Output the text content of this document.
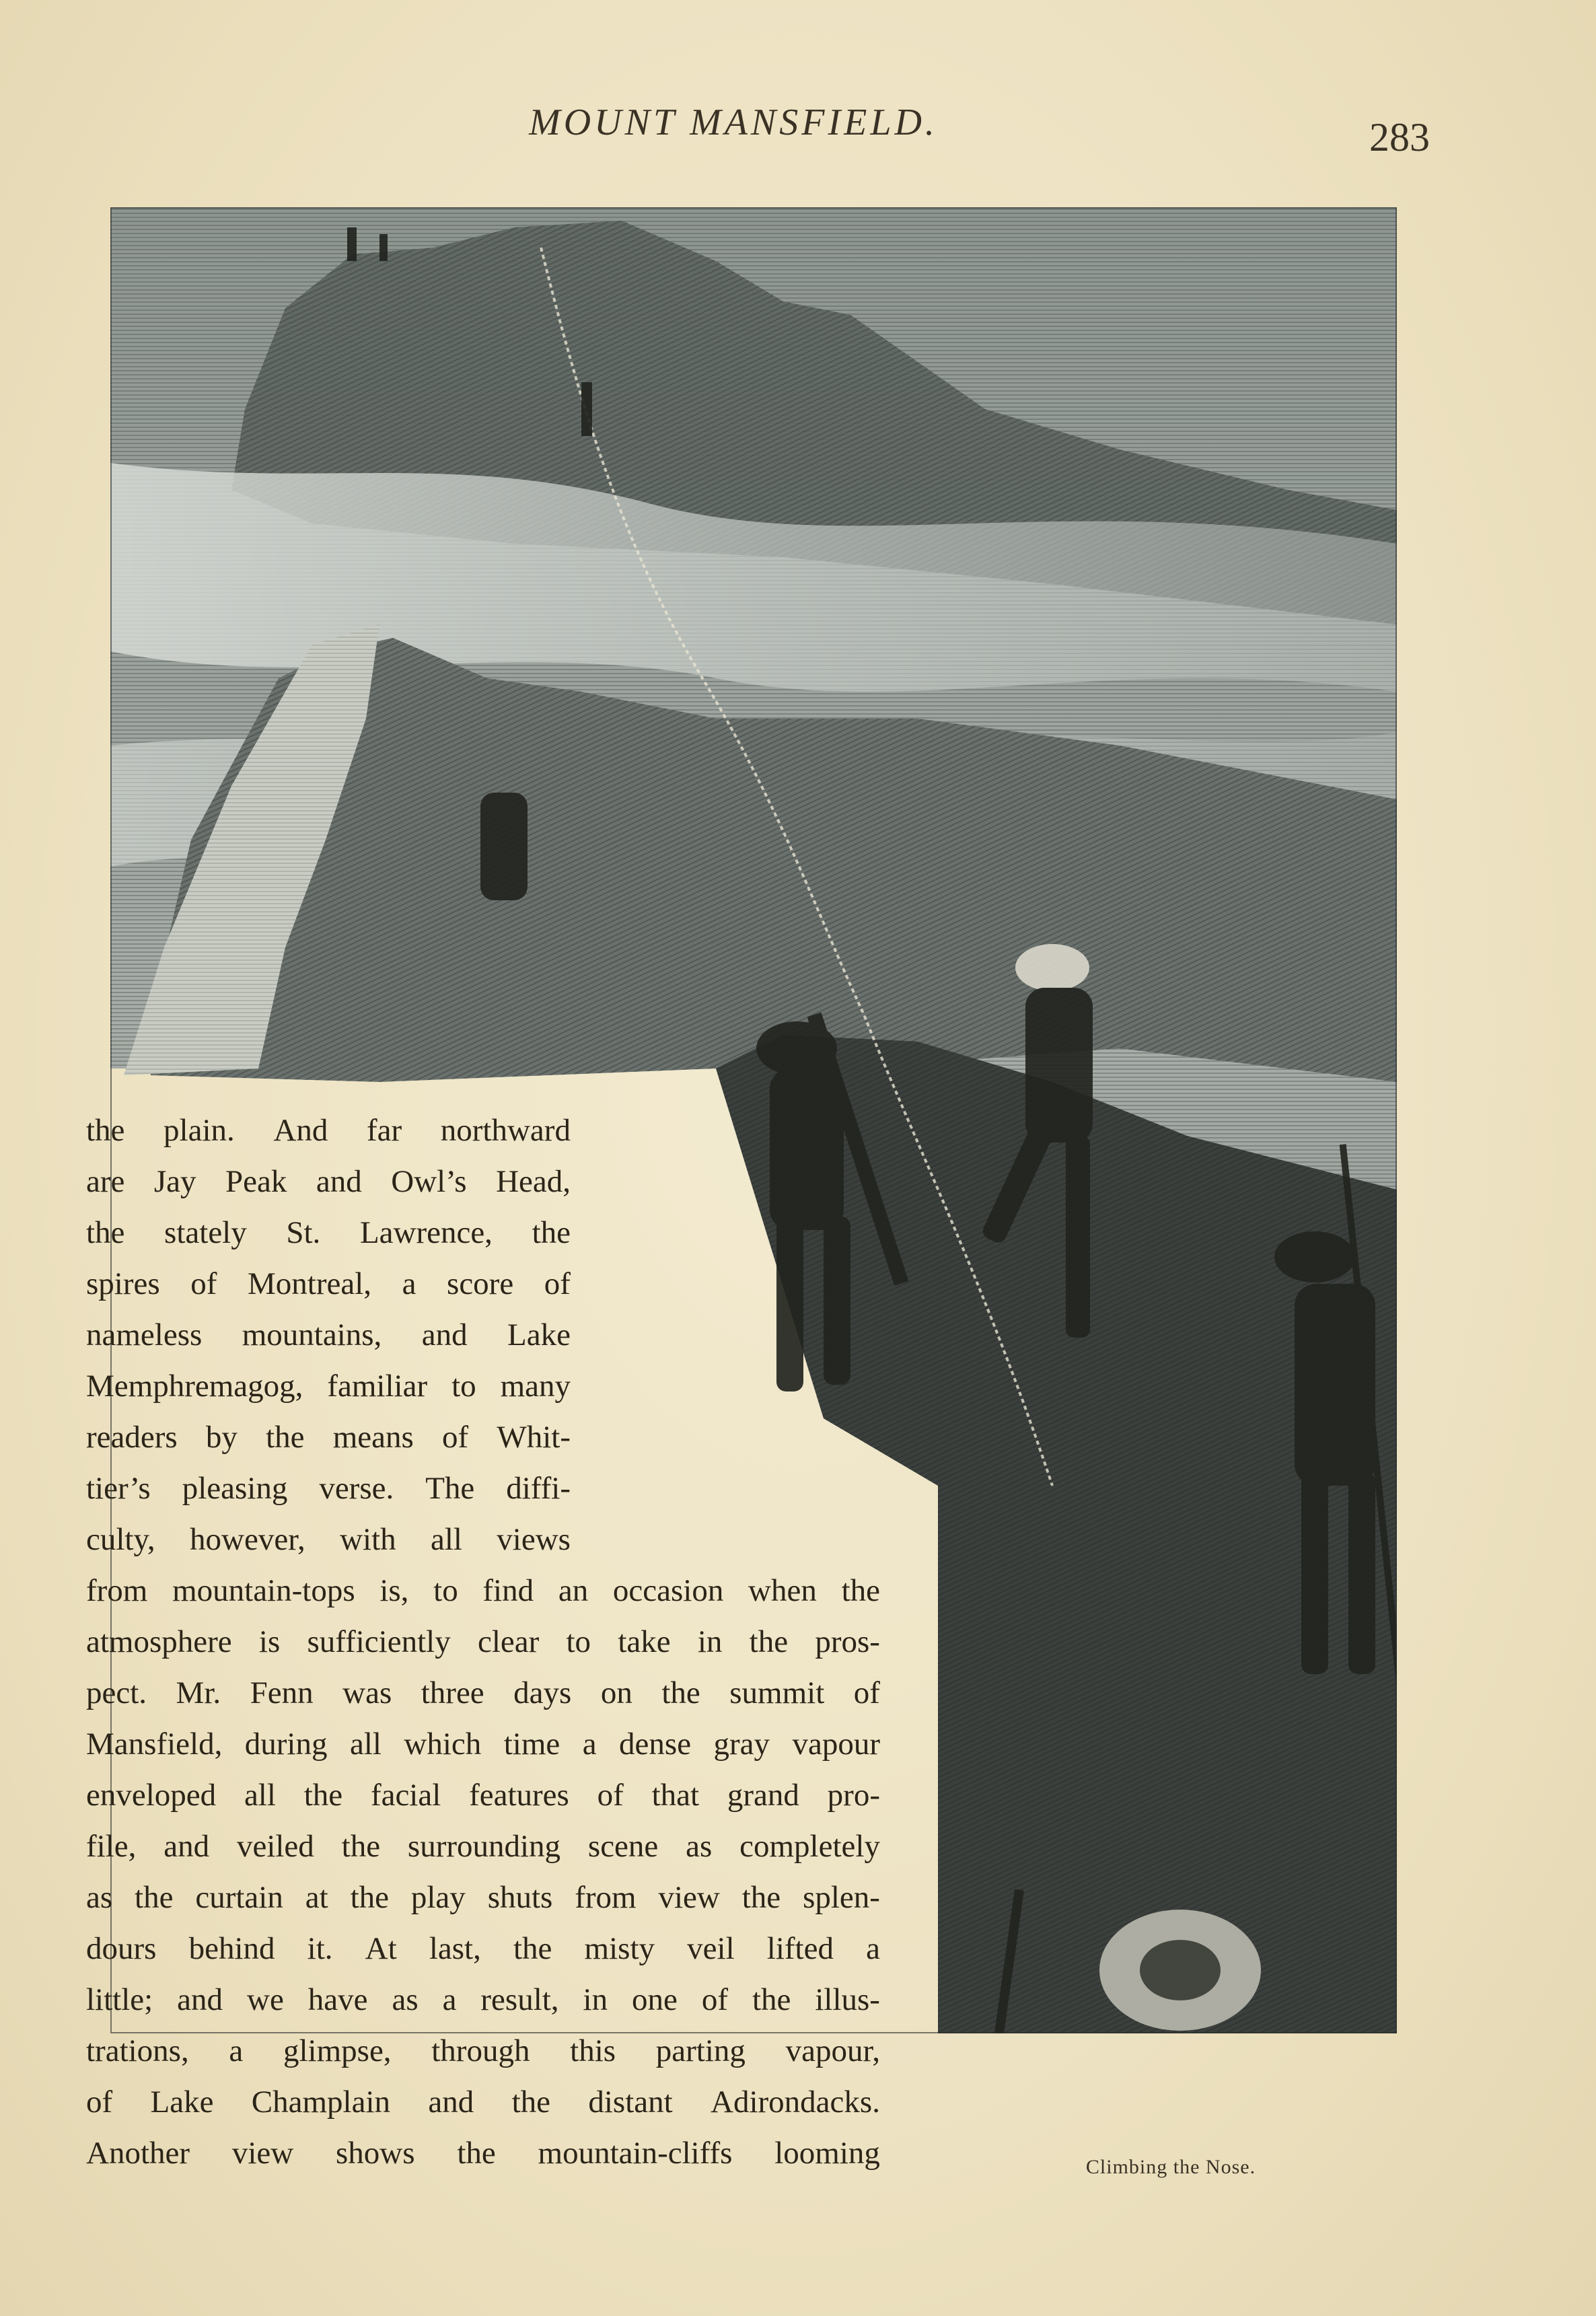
MOUNT MANSFIELD.	283
the plain. And far northward
are Jay Peak and Owl’s Head,
the stately St. Lawrence, the
spires of Montreal, a score of
nameless mountains, and Lake
Memphremagog, familiar to many
readers by the means of Whit-
tier’s pleasing verse. The diffi-
culty, however, with all views
from mountain-tops is, to find an occasion when the
atmosphere is sufficiently clear to take in the pros-
pect. Mr. Fenn was three days on the summit of
Mansfield, during all which time a dense gray vapour
enveloped all the facial features of that grand pro-
file, and veiled the surrounding scene as completely
as the curtain at the play shuts from view the splen-
dours behind it. At last, the misty veil lifted a
little; and we have as a result, in one of the illus-
trations, a glimpse, through this parting vapour,
of Lake Champlain and the distant Adirondacks.
Another view shows the mountain-cliffs looming	Climbing the Nose.
